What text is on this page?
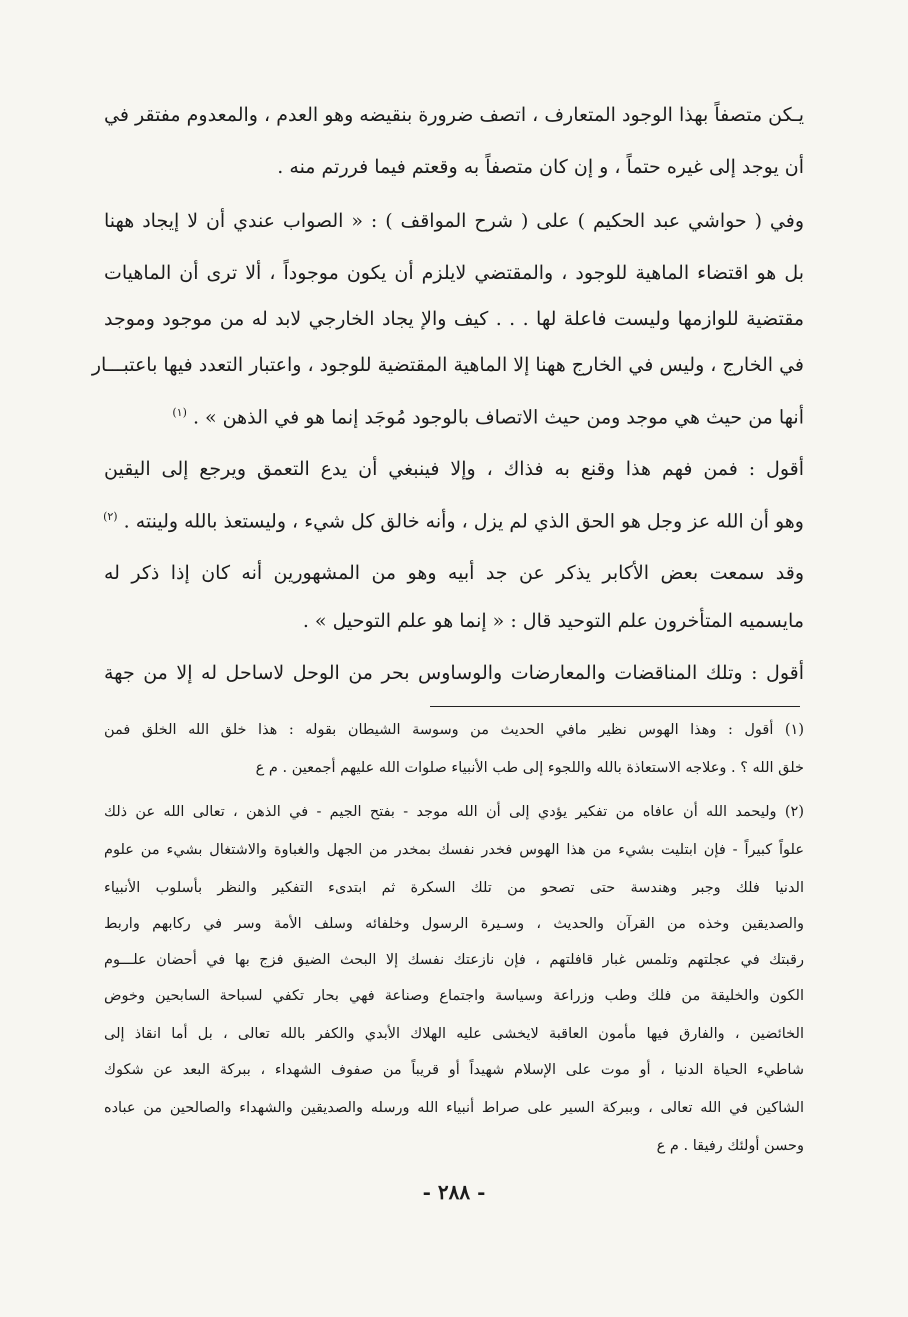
يـكن متصفاً بهذا الوجود المتعارف ، اتصف ضرورة بنقيضه وهو العدم ، والمعدوم مفتقر في
أن يوجد إلى غيره حتماً ، و إن كان متصفاً به وقعتم فيما فررتم منه .
وفي ( حواشي عبد الحكيم ) على ( شرح المواقف ) : « الصواب عندي أن لا إيجاد ههنا
بل هو اقتضاء الماهية للوجود ، والمقتضي لايلزم أن يكون موجوداً ، ألا ترى أن الماهيات
مقتضية للوازمها وليست فاعلة لها . . . كيف والإ يجاد الخارجي لابد له من موجود وموجد
في الخارج ، وليس في الخارج ههنا إلا الماهية المقتضية للوجود ، واعتبار التعدد فيها باعتبـــار
أنها من حيث هي موجد ومن حيث الاتصاف بالوجود مُوجَد إنما هو في الذهن » . $^{(١)}$
أقول : فمن فهم هذا وقنع به فذاك ، وإلا فينبغي أن يدع التعمق ويرجع إلى اليقين
وهو أن الله عز وجل هو الحق الذي لم يزل ، وأنه خالق كل شيء ، وليستعذ بالله ولينته . $^{(٢)}$
وقد سمعت بعض الأكابر يذكر عن جد أبيه وهو من المشهورين أنه كان إذا ذكر له
مايسميه المتأخرون علم التوحيد قال : « إنما هو علم التوحيل » .
أقول : وتلك المناقضات والمعارضات والوساوس بحر من الوحل لاساحل له إلا من جهة
(١) أقول : وهذا الهوس نظير مافي الحديث من وسوسة الشيطان بقوله : هذا خلق الله الخلق فمن
خلق الله ؟ . وعلاجه الاستعاذة بالله واللجوء إلى طب الأنبياء صلوات الله عليهم أجمعين . م ع
(٢) وليحمد الله أن عافاه من تفكير يؤدي إلى أن الله موجد - بفتح الجيم - في الذهن ، تعالى الله عن ذلك
علواً كبيراً - فإن ابتليت بشيء من هذا الهوس فخدر نفسك بمخدر من الجهل والغباوة والاشتغال بشيء من علوم
الدنيا فلك وجبر وهندسة حتى تصحو من تلك السكرة ثم ابتدىء التفكير والنظر بأسلوب الأنبياء
والصديقين وخذه من القرآن والحديث ، وسـيرة الرسول وخلفائه وسلف الأمة وسر في ركابهم واربط
رقبتك في عجلتهم وتلمس غبار قافلتهم ، فإن نازعتك نفسك إلا البحث الضيق فزج بها في أحضان علـــوم
الكون والخليقة من فلك وطب وزراعة وسياسة واجتماع وصناعة فهي بحار تكفي لسباحة السابحين وخوض
الخائضين ، والفارق فيها مأمون العاقبة لايخشى عليه الهلاك الأبدي والكفر بالله تعالى ، بل أما انقاذ إلى
شاطيء الحياة الدنيا ، أو موت على الإسلام شهيداً أو قريباً من صفوف الشهداء ، ببركة البعد عن شكوك
الشاكين في الله تعالى ، وببركة السير على صراط أنبياء الله ورسله والصديقين والشهداء والصالحين من عباده
وحسن أولئك رفيقا . م ع
- ٢٨٨ -
